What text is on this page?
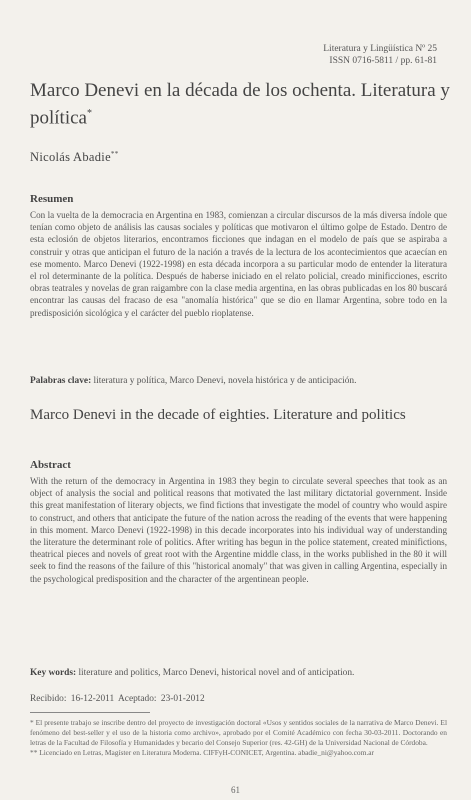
Literatura y Lingüística Nº 25
ISSN 0716-5811 / pp. 61-81
Marco Denevi en la década de los ochenta. Literatura y política*
Nicolás Abadie**
Resumen
Con la vuelta de la democracia en Argentina en 1983, comienzan a circular discursos de la más diversa índole que tenían como objeto de análisis las causas sociales y políticas que motivaron el último golpe de Estado. Dentro de esta eclosión de objetos literarios, encontramos ficciones que indagan en el modelo de país que se aspiraba a construir y otras que anticipan el futuro de la nación a través de la lectura de los acontecimientos que acaecían en ese momento. Marco Denevi (1922-1998) en esta década incorpora a su particular modo de entender la literatura el rol determinante de la política. Después de haberse iniciado en el relato policial, creado minificciones, escrito obras teatrales y novelas de gran raigambre con la clase media argentina, en las obras publicadas en los 80 buscará encontrar las causas del fracaso de esa "anomalía histórica" que se dio en llamar Argentina, sobre todo en la predisposición sicológica y el carácter del pueblo rioplatense.
Palabras clave: literatura y política, Marco Denevi, novela histórica y de anticipación.
Marco Denevi in the decade of eighties. Literature and politics
Abstract
With the return of the democracy in Argentina in 1983 they begin to circulate several speeches that took as an object of analysis the social and political reasons that motivated the last military dictatorial government. Inside this great manifestation of literary objects, we find fictions that investigate the model of country who would aspire to construct, and others that anticipate the future of the nation across the reading of the events that were happening in this moment. Marco Denevi (1922-1998) in this decade incorporates into his individual way of understanding the literature the determinant role of politics. After writing has begun in the police statement, created minifictions, theatrical pieces and novels of great root with the Argentine middle class, in the works published in the 80 it will seek to find the reasons of the failure of this "historical anomaly" that was given in calling Argentina, especially in the psychological predisposition and the character of the argentinean people.
Key words: literature and politics, Marco Denevi, historical novel and of anticipation.
Recibido: 16-12-2011 Aceptado: 23-01-2012
* El presente trabajo se inscribe dentro del proyecto de investigación doctoral «Usos y sentidos sociales de la narrativa de Marco Denevi. El fenómeno del best-seller y el uso de la historia como archivo», aprobado por el Comité Académico con fecha 30-03-2011. Doctorando en letras de la Facultad de Filosofía y Humanidades y becario del Consejo Superior (res. 42-GH) de la Universidad Nacional de Córdoba.
** Licenciado en Letras, Magíster en Literatura Moderna. CIFFyH-CONICET, Argentina. abadie_ni@yahoo.com.ar
61
